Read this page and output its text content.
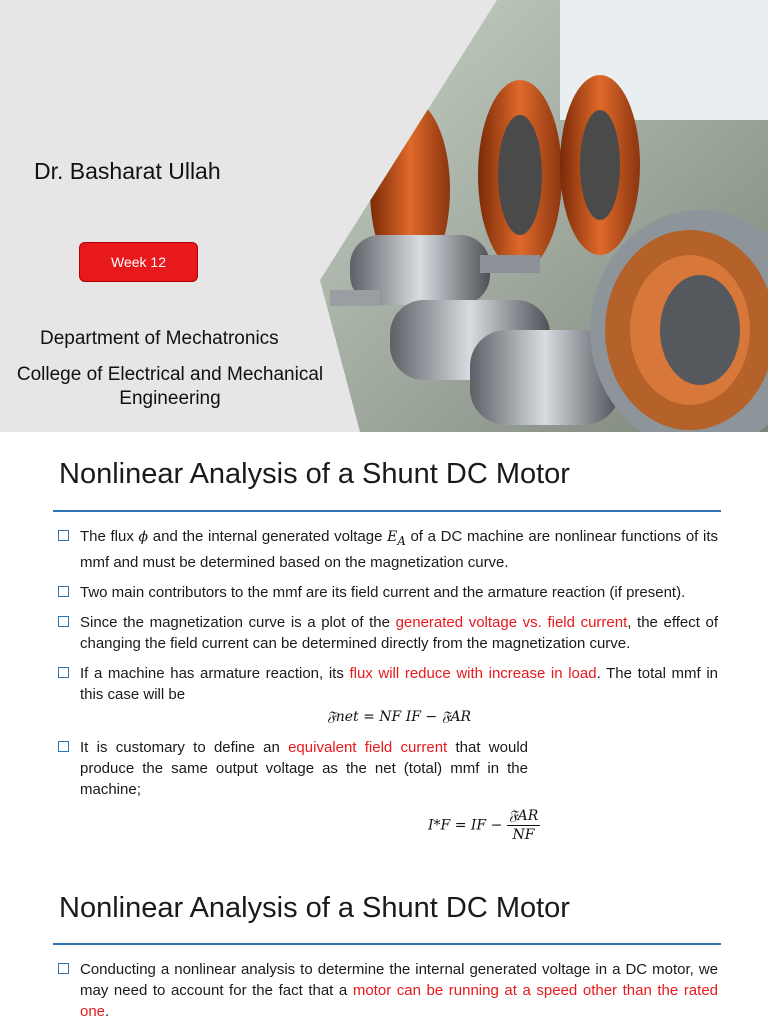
Dr. Basharat Ullah
Week 12
Department of Mechatronics
College of Electrical and Mechanical
Engineering
Nonlinear Analysis of a Shunt DC Motor
The flux ϕ and the internal generated voltage $E_A$ of a DC machine are nonlinear functions of its mmf and must be determined based on the magnetization curve.
Two main contributors to the mmf are its field current and the armature reaction (if present).
Since the magnetization curve is a plot of the generated voltage vs. field current, the effect of changing the field current can be determined directly from the magnetization curve.
If a machine has armature reaction, its flux will reduce with increase in load. The total mmf in this case will be
𝔉net = NF IF − 𝔉AR
It is customary to define an equivalent field current that would produce the same output voltage as the net (total) mmf in the machine;
I*F = IF − $\frac{\text{𝔉AR}}{NF}$
Nonlinear Analysis of a Shunt DC Motor
Conducting a nonlinear analysis to determine the internal generated voltage in a DC motor, we may need to account for the fact that a motor can be running at a speed other than the rated one.
